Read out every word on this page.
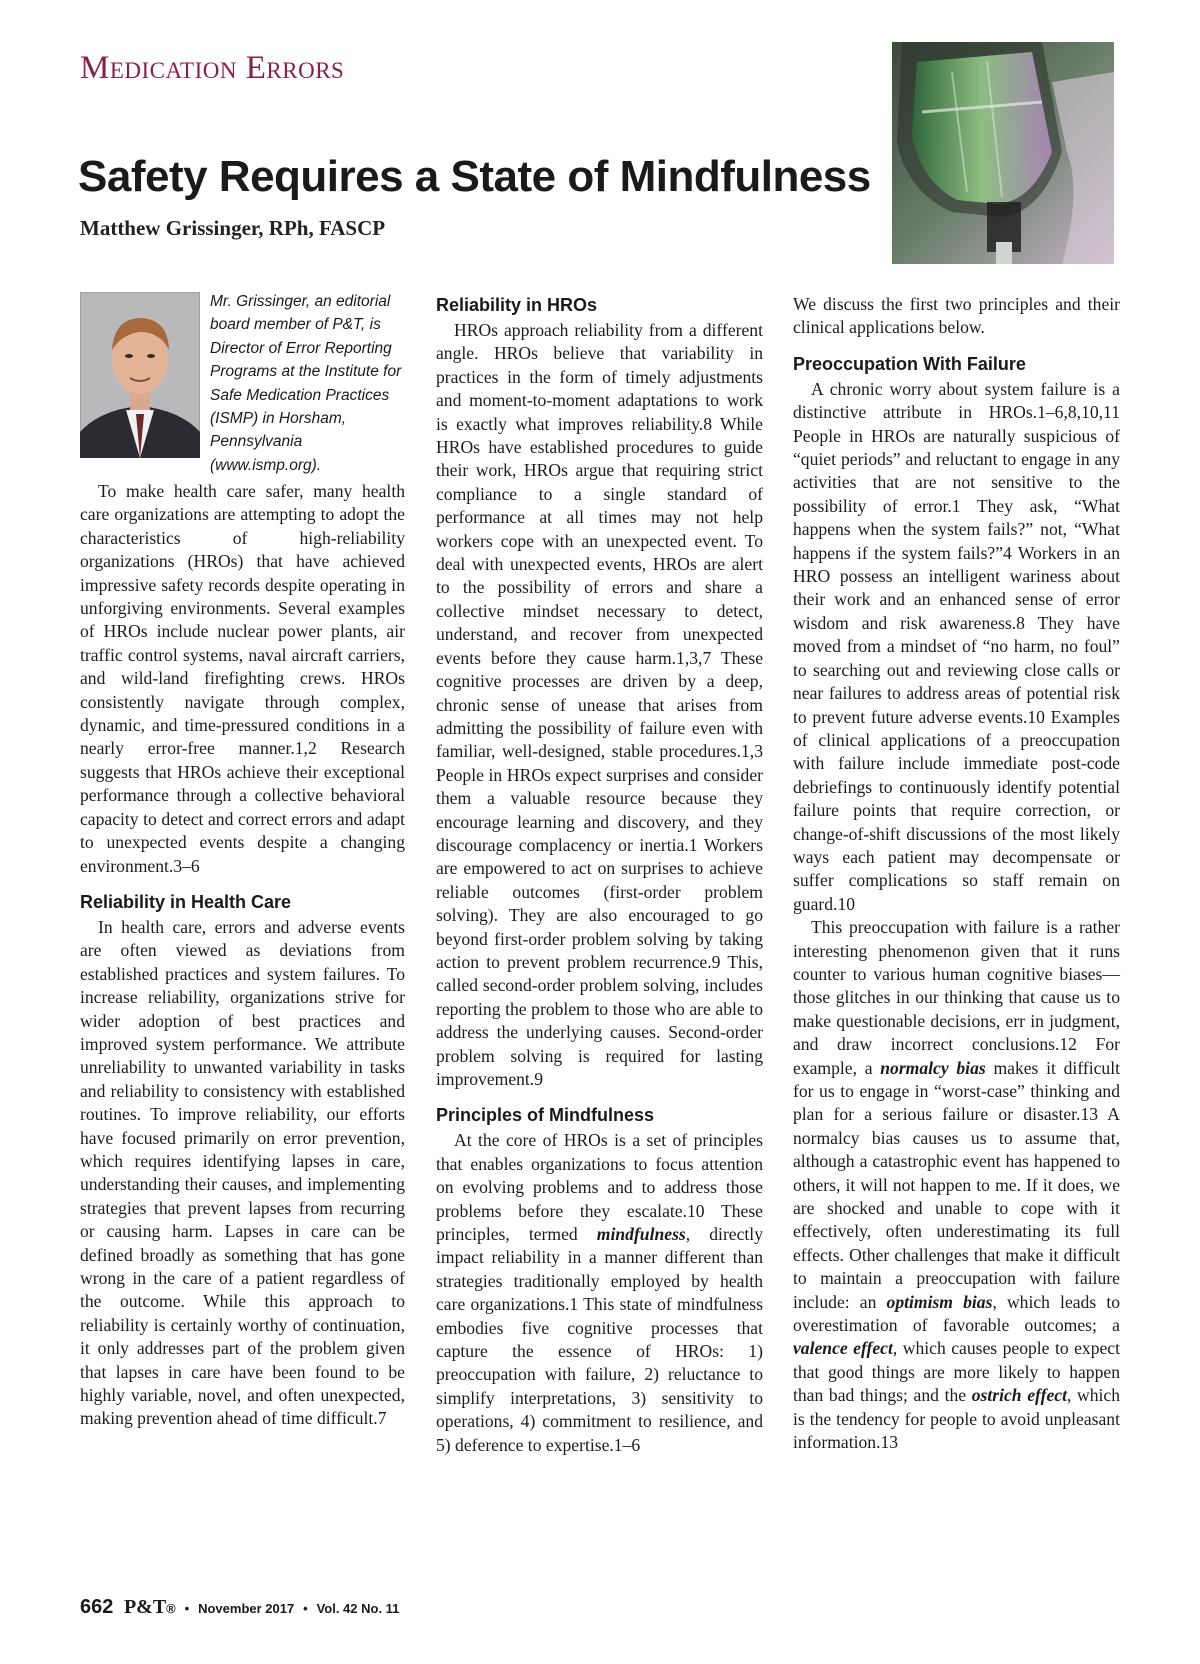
Medication Errors
Safety Requires a State of Mindfulness
Matthew Grissinger, RPh, FASCP
Mr. Grissinger, an editorial board member of P&T, is Director of Error Reporting Programs at the Institute for Safe Medication Practices (ISMP) in Horsham, Pennsylvania (www.ismp.org).

To make health care safer, many health care organizations are attempting to adopt the characteristics of high-reliability organizations (HROs) that have achieved impressive safety records despite operating in unforgiving environments. Several examples of HROs include nuclear power plants, air traffic control systems, naval aircraft carriers, and wild-land firefighting crews. HROs consistently navigate through complex, dynamic, and time-pressured conditions in a nearly error-free manner.1,2 Research suggests that HROs achieve their exceptional performance through a collective behavioral capacity to detect and correct errors and adapt to unexpected events despite a changing environment.3–6

Reliability in Health Care

In health care, errors and adverse events are often viewed as deviations from established practices and system failures. To increase reliability, organizations strive for wider adoption of best practices and improved system performance. We attribute unreliability to unwanted variability in tasks and reliability to consistency with established routines. To improve reliability, our efforts have focused primarily on error prevention, which requires identifying lapses in care, understanding their causes, and implementing strategies that prevent lapses from recurring or causing harm. Lapses in care can be defined broadly as something that has gone wrong in the care of a patient regardless of the outcome. While this approach to reliability is certainly worthy of continuation, it only addresses part of the problem given that lapses in care have been found to be highly variable, novel, and often unexpected, making prevention ahead of time difficult.7

Reliability in HROs

HROs approach reliability from a different angle. HROs believe that variability in practices in the form of timely adjustments and moment-to-moment adaptations to work is exactly what improves reliability.8 While HROs have established procedures to guide their work, HROs argue that requiring strict compliance to a single standard of performance at all times may not help workers cope with an unexpected event. To deal with unexpected events, HROs are alert to the possibility of errors and share a collective mindset necessary to detect, understand, and recover from unexpected events before they cause harm.1,3,7 These cognitive processes are driven by a deep, chronic sense of unease that arises from admitting the possibility of failure even with familiar, well-designed, stable procedures.1,3 People in HROs expect surprises and consider them a valuable resource because they encourage learning and discovery, and they discourage complacency or inertia.1 Workers are empowered to act on surprises to achieve reliable outcomes (first-order problem solving). They are also encouraged to go beyond first-order problem solving by taking action to prevent problem recurrence.9 This, called second-order problem solving, includes reporting the problem to those who are able to address the underlying causes. Second-order problem solving is required for lasting improvement.9

Principles of Mindfulness

At the core of HROs is a set of principles that enables organizations to focus attention on evolving problems and to address those problems before they escalate.10 These principles, termed mindfulness, directly impact reliability in a manner different than strategies traditionally employed by health care organizations.1 This state of mindfulness embodies five cognitive processes that capture the essence of HROs: 1) preoccupation with failure, 2) reluctance to simplify interpretations, 3) sensitivity to operations, 4) commitment to resilience, and 5) deference to expertise.1–6

We discuss the first two principles and their clinical applications below.

Preoccupation With Failure

A chronic worry about system failure is a distinctive attribute in HROs.1–6,8,10,11 People in HROs are naturally suspicious of “quiet periods” and reluctant to engage in any activities that are not sensitive to the possibility of error.1 They ask, “What happens when the system fails?” not, “What happens if the system fails?”4 Workers in an HRO possess an intelligent wariness about their work and an enhanced sense of error wisdom and risk awareness.8 They have moved from a mindset of “no harm, no foul” to searching out and reviewing close calls or near failures to address areas of potential risk to prevent future adverse events.10 Examples of clinical applications of a preoccupation with failure include immediate post-code debriefings to continuously identify potential failure points that require correction, or change-of-shift discussions of the most likely ways each patient may decompensate or suffer complications so staff remain on guard.10

This preoccupation with failure is a rather interesting phenomenon given that it runs counter to various human cognitive biases—those glitches in our thinking that cause us to make questionable decisions, err in judgment, and draw incorrect conclusions.12 For example, a normalcy bias makes it difficult for us to engage in “worst-case” thinking and plan for a serious failure or disaster.13 A normalcy bias causes us to assume that, although a catastrophic event has happened to others, it will not happen to me. If it does, we are shocked and unable to cope with it effectively, often underestimating its full effects. Other challenges that make it difficult to maintain a preoccupation with failure include: an optimism bias, which leads to overestimation of favorable outcomes; a valence effect, which causes people to expect that good things are more likely to happen than bad things; and the ostrich effect, which is the tendency for people to avoid unpleasant information.13

662 P&T®  •  November 2017  •  Vol. 42 No. 11
